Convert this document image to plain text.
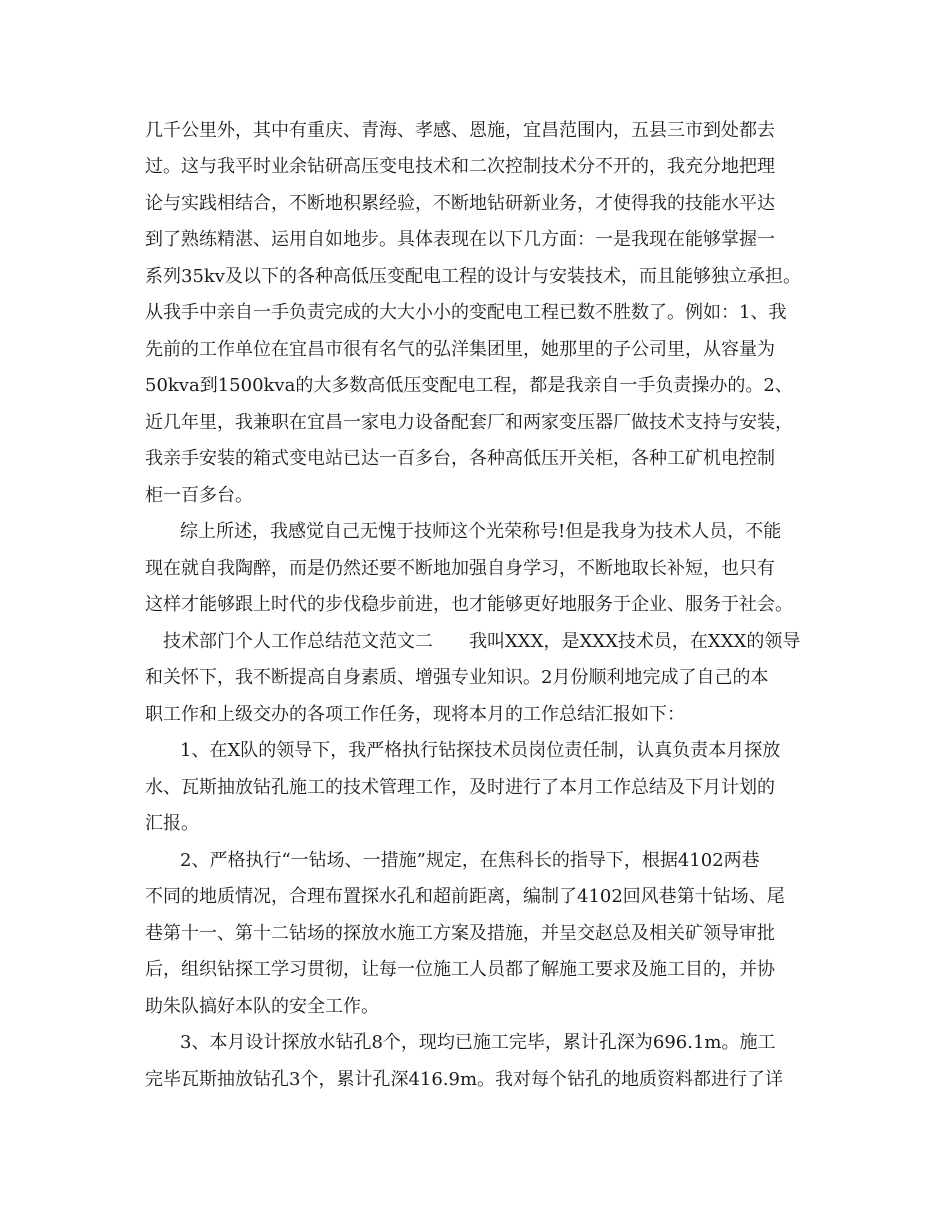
几千公里外，其中有重庆、青海、孝感、恩施，宜昌范围内，五县三市到处都去
过。这与我平时业余钻研高压变电技术和二次控制技术分不开的，我充分地把理
论与实践相结合，不断地积累经验，不断地钻研新业务，才使得我的技能水平达
到了熟练精湛、运用自如地步。具体表现在以下几方面：一是我现在能够掌握一
系列35kv及以下的各种高低压变配电工程的设计与安装技术，而且能够独立承担。
从我手中亲自一手负责完成的大大小小的变配电工程已数不胜数了。例如：1、我
先前的工作单位在宜昌市很有名气的弘洋集团里，她那里的子公司里，从容量为
50kva到1500kva的大多数高低压变配电工程，都是我亲自一手负责操办的。2、
近几年里，我兼职在宜昌一家电力设备配套厂和两家变压器厂做技术支持与安装，
我亲手安装的箱式变电站已达一百多台，各种高低压开关柜，各种工矿机电控制
柜一百多台。
综上所述，我感觉自己无愧于技师这个光荣称号!但是我身为技术人员，不能
现在就自我陶醉，而是仍然还要不断地加强自身学习，不断地取长补短，也只有
这样才能够跟上时代的步伐稳步前进，也才能够更好地服务于企业、服务于社会。
技术部门个人工作总结范文范文二　　我叫XXX，是XXX技术员，在XXX的领导
和关怀下，我不断提高自身素质、增强专业知识。2月份顺利地完成了自己的本
职工作和上级交办的各项工作任务，现将本月的工作总结汇报如下：
1、在X队的领导下，我严格执行钻探技术员岗位责任制，认真负责本月探放
水、瓦斯抽放钻孔施工的技术管理工作，及时进行了本月工作总结及下月计划的
汇报。
2、严格执行“一钻场、一措施”规定，在焦科长的指导下，根据4102两巷
不同的地质情况，合理布置探水孔和超前距离，编制了4102回风巷第十钻场、尾
巷第十一、第十二钻场的探放水施工方案及措施，并呈交赵总及相关矿领导审批
后，组织钻探工学习贯彻，让每一位施工人员都了解施工要求及施工目的，并协
助朱队搞好本队的安全工作。
3、本月设计探放水钻孔8个，现均已施工完毕，累计孔深为696.1m。施工
完毕瓦斯抽放钻孔3个，累计孔深416.9m。我对每个钻孔的地质资料都进行了详
